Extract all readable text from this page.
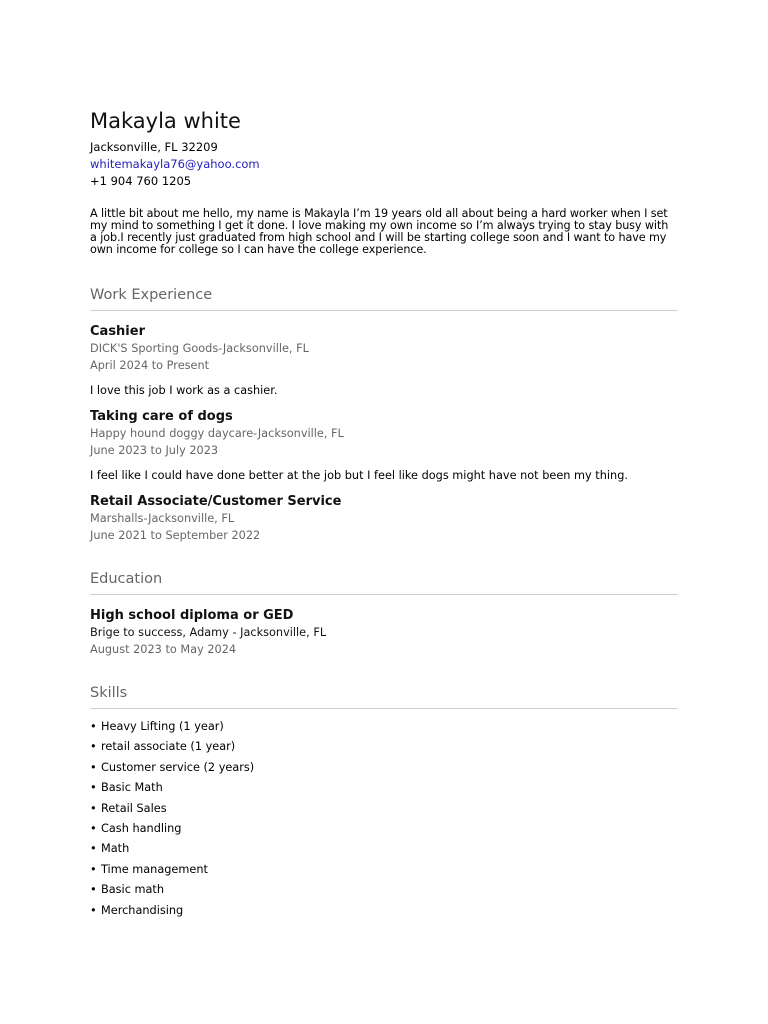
Makayla white

Jacksonville, FL 32209

whitemakayla76@yahoo.com

+1 904 760 1205

A little bit about me hello, my name is Makayla I’m 19 years old all about being a hard worker when I set my mind to something I get it done. I love making my own income so I’m always trying to stay busy with a job.I recently just graduated from high school and I will be starting college soon and I want to have my own income for college so I can have the college experience.

Work Experience

Cashier

DICK'S Sporting Goods-Jacksonville, FL

April 2024 to Present

I love this job I work as a cashier.

Taking care of dogs

Happy hound doggy daycare-Jacksonville, FL

June 2023 to July 2023

I feel like I could have done better at the job but I feel like dogs might have not been my thing.

Retail Associate/Customer Service

Marshalls-Jacksonville, FL

June 2021 to September 2022

Education

High school diploma or GED

Brige to success, Adamy - Jacksonville, FL

August 2023 to May 2024

Skills
• Heavy Lifting (1 year)
• retail associate (1 year)
• Customer service (2 years)
• Basic Math
• Retail Sales
• Cash handling
• Math
• Time management
• Basic math
• Merchandising
